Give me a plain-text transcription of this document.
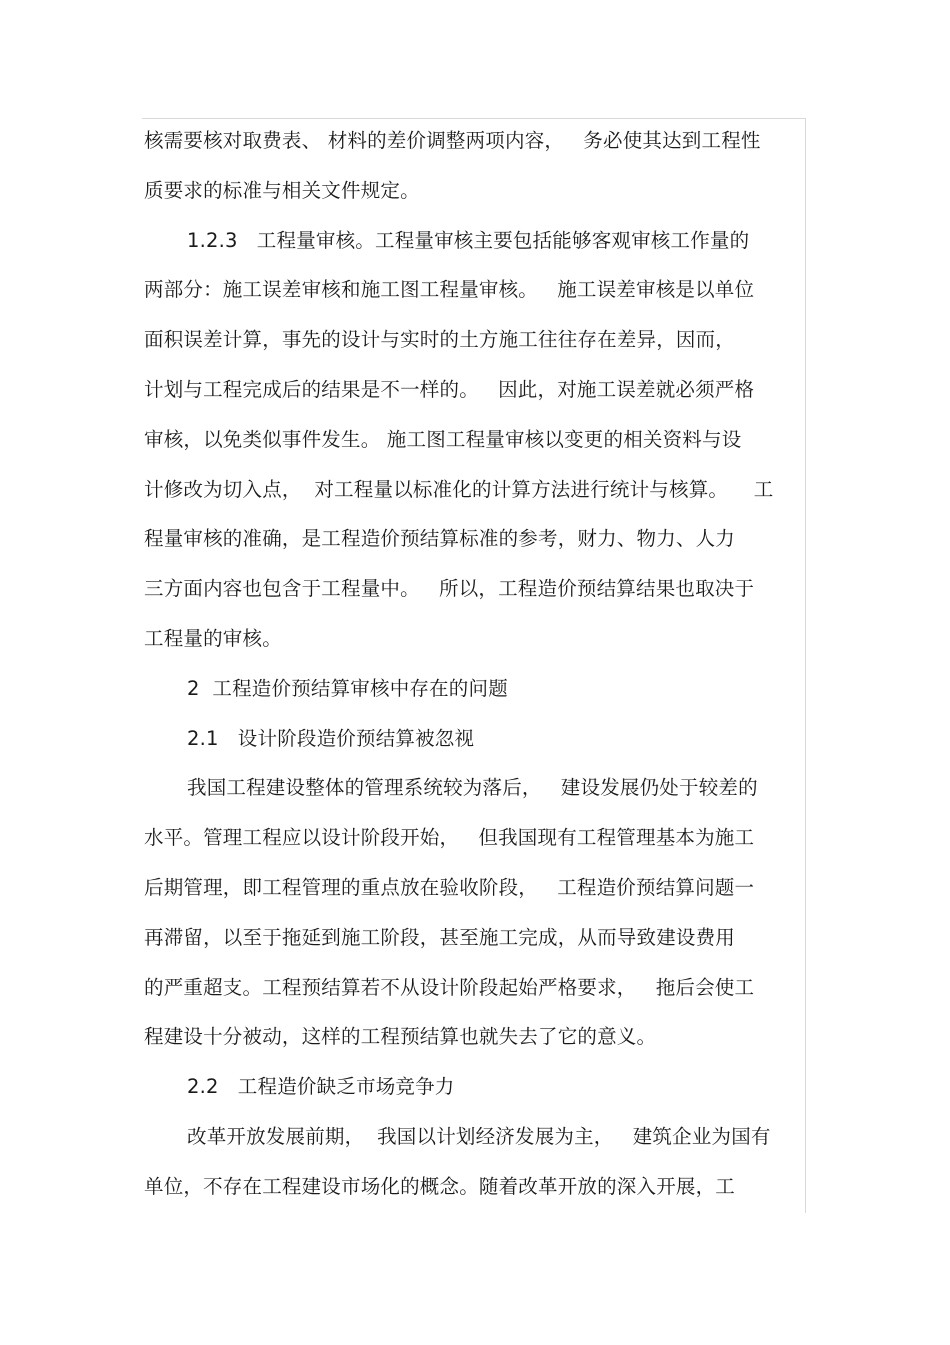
核需要核对取费表、 材料的差价调整两项内容，   务必使其达到工程性
质要求的标准与相关文件规定。
1.2.3   工程量审核。工程量审核主要包括能够客观审核工作量的
两部分：施工误差审核和施工图工程量审核。   施工误差审核是以单位
面积误差计算，事先的设计与实时的土方施工往往存在差异，因而，
计划与工程完成后的结果是不一样的。   因此，对施工误差就必须严格
审核，以免类似事件发生。 施工图工程量审核以变更的相关资料与设
计修改为切入点，  对工程量以标准化的计算方法进行统计与核算。    工
程量审核的准确，是工程造价预结算标准的参考，财力、物力、人力
三方面内容也包含于工程量中。   所以，工程造价预结算结果也取决于
工程量的审核。
2  工程造价预结算审核中存在的问题
2.1   设计阶段造价预结算被忽视
我国工程建设整体的管理系统较为落后，   建设发展仍处于较差的
水平。管理工程应以设计阶段开始，   但我国现有工程管理基本为施工
后期管理，即工程管理的重点放在验收阶段，   工程造价预结算问题一
再滞留，以至于拖延到施工阶段，甚至施工完成，从而导致建设费用
的严重超支。工程预结算若不从设计阶段起始严格要求，   拖后会使工
程建设十分被动，这样的工程预结算也就失去了它的意义。
2.2   工程造价缺乏市场竞争力
改革开放发展前期，  我国以计划经济发展为主，   建筑企业为国有
单位，不存在工程建设市场化的概念。随着改革开放的深入开展，工
